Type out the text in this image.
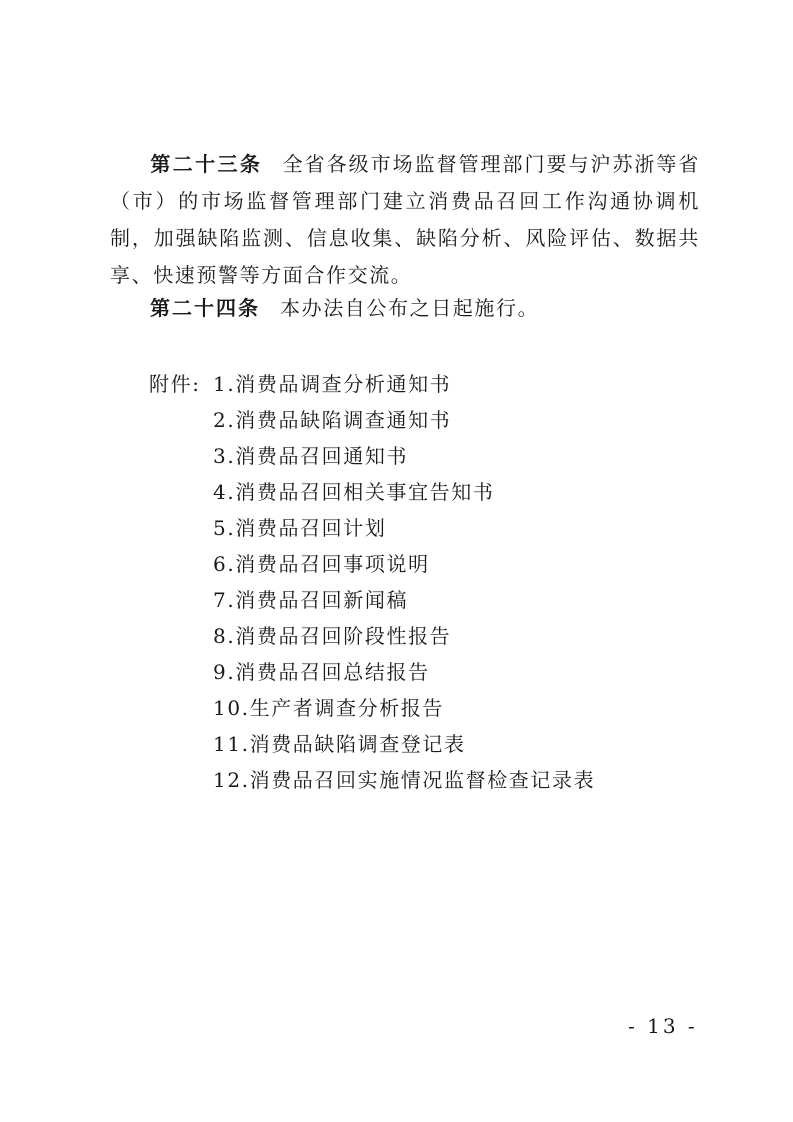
第二十三条 全省各级市场监督管理部门要与沪苏浙等省（市）的市场监督管理部门建立消费品召回工作沟通协调机制，加强缺陷监测、信息收集、缺陷分析、风险评估、数据共享、快速预警等方面合作交流。

第二十四条 本办法自公布之日起施行。

附件: 1.消费品调查分析通知书
2.消费品缺陷调查通知书
3.消费品召回通知书
4.消费品召回相关事宜告知书
5.消费品召回计划
6.消费品召回事项说明
7.消费品召回新闻稿
8.消费品召回阶段性报告
9.消费品召回总结报告
10.生产者调查分析报告
11.消费品缺陷调查登记表
12.消费品召回实施情况监督检查记录表
- 13 -
